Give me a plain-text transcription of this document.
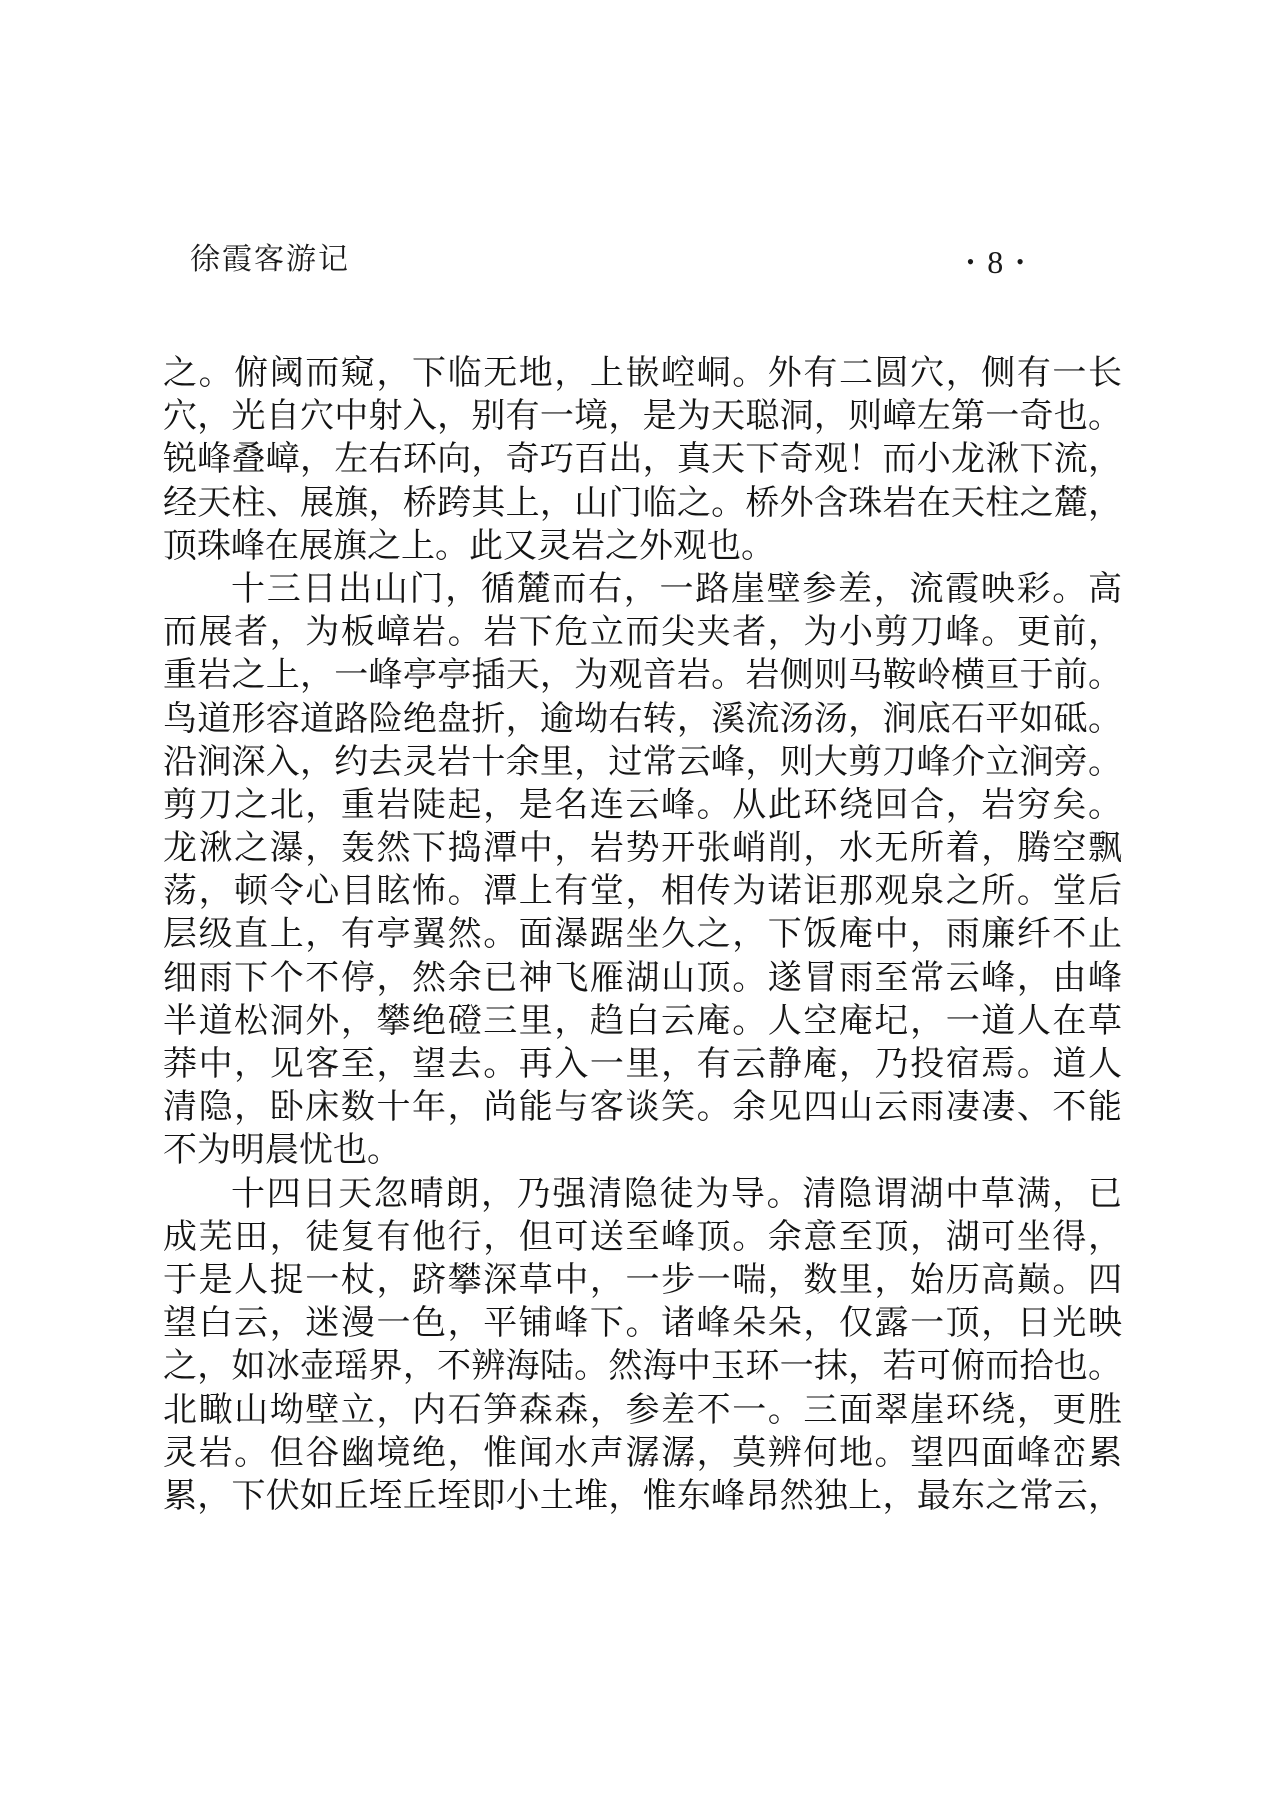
徐霞客游记	• 8 •
之。俯阈而窥，下临无地，上嵌崆峒。外有二圆穴，侧有一长
穴，光自穴中射入，别有一境，是为天聪洞，则嶂左第一奇也。
锐峰叠嶂，左右环向，奇巧百出，真天下奇观！而小龙湫下流，
经天柱、展旗，桥跨其上，山门临之。桥外含珠岩在天柱之麓，
顶珠峰在展旗之上。此又灵岩之外观也。
十三日出山门，循麓而右，一路崖壁参差，流霞映彩。高
而展者，为板嶂岩。岩下危立而尖夹者，为小剪刀峰。更前，
重岩之上，一峰亭亭插天，为观音岩。岩侧则马鞍岭横亘于前。
鸟道形容道路险绝盘折，逾坳右转，溪流汤汤，涧底石平如砥。
沿涧深入，约去灵岩十余里，过常云峰，则大剪刀峰介立涧旁。
剪刀之北，重岩陡起，是名连云峰。从此环绕回合，岩穷矣。
龙湫之瀑，轰然下捣潭中，岩势开张峭削，水无所着，腾空飘
荡，顿令心目眩怖。潭上有堂，相传为诺讵那观泉之所。堂后
层级直上，有亭翼然。面瀑踞坐久之，下饭庵中，雨廉纤不止
细雨下个不停，然余已神飞雁湖山顶。遂冒雨至常云峰，由峰
半道松洞外，攀绝磴三里，趋白云庵。人空庵圮，一道人在草
莽中，见客至，望去。再入一里，有云静庵，乃投宿焉。道人
清隐，卧床数十年，尚能与客谈笑。余见四山云雨凄凄、不能
不为明晨忧也。
十四日天忽晴朗，乃强清隐徒为导。清隐谓湖中草满，已
成芜田，徒复有他行，但可送至峰顶。余意至顶，湖可坐得，
于是人捉一杖，跻攀深草中，一步一喘，数里，始历高巅。四
望白云，迷漫一色，平铺峰下。诸峰朵朵，仅露一顶，日光映
之，如冰壶瑶界，不辨海陆。然海中玉环一抹，若可俯而拾也。
北瞰山坳壁立，内石笋森森，参差不一。三面翠崖环绕，更胜
灵岩。但谷幽境绝，惟闻水声潺潺，莫辨何地。望四面峰峦累
累，下伏如丘垤丘垤即小土堆，惟东峰昂然独上，最东之常云，
